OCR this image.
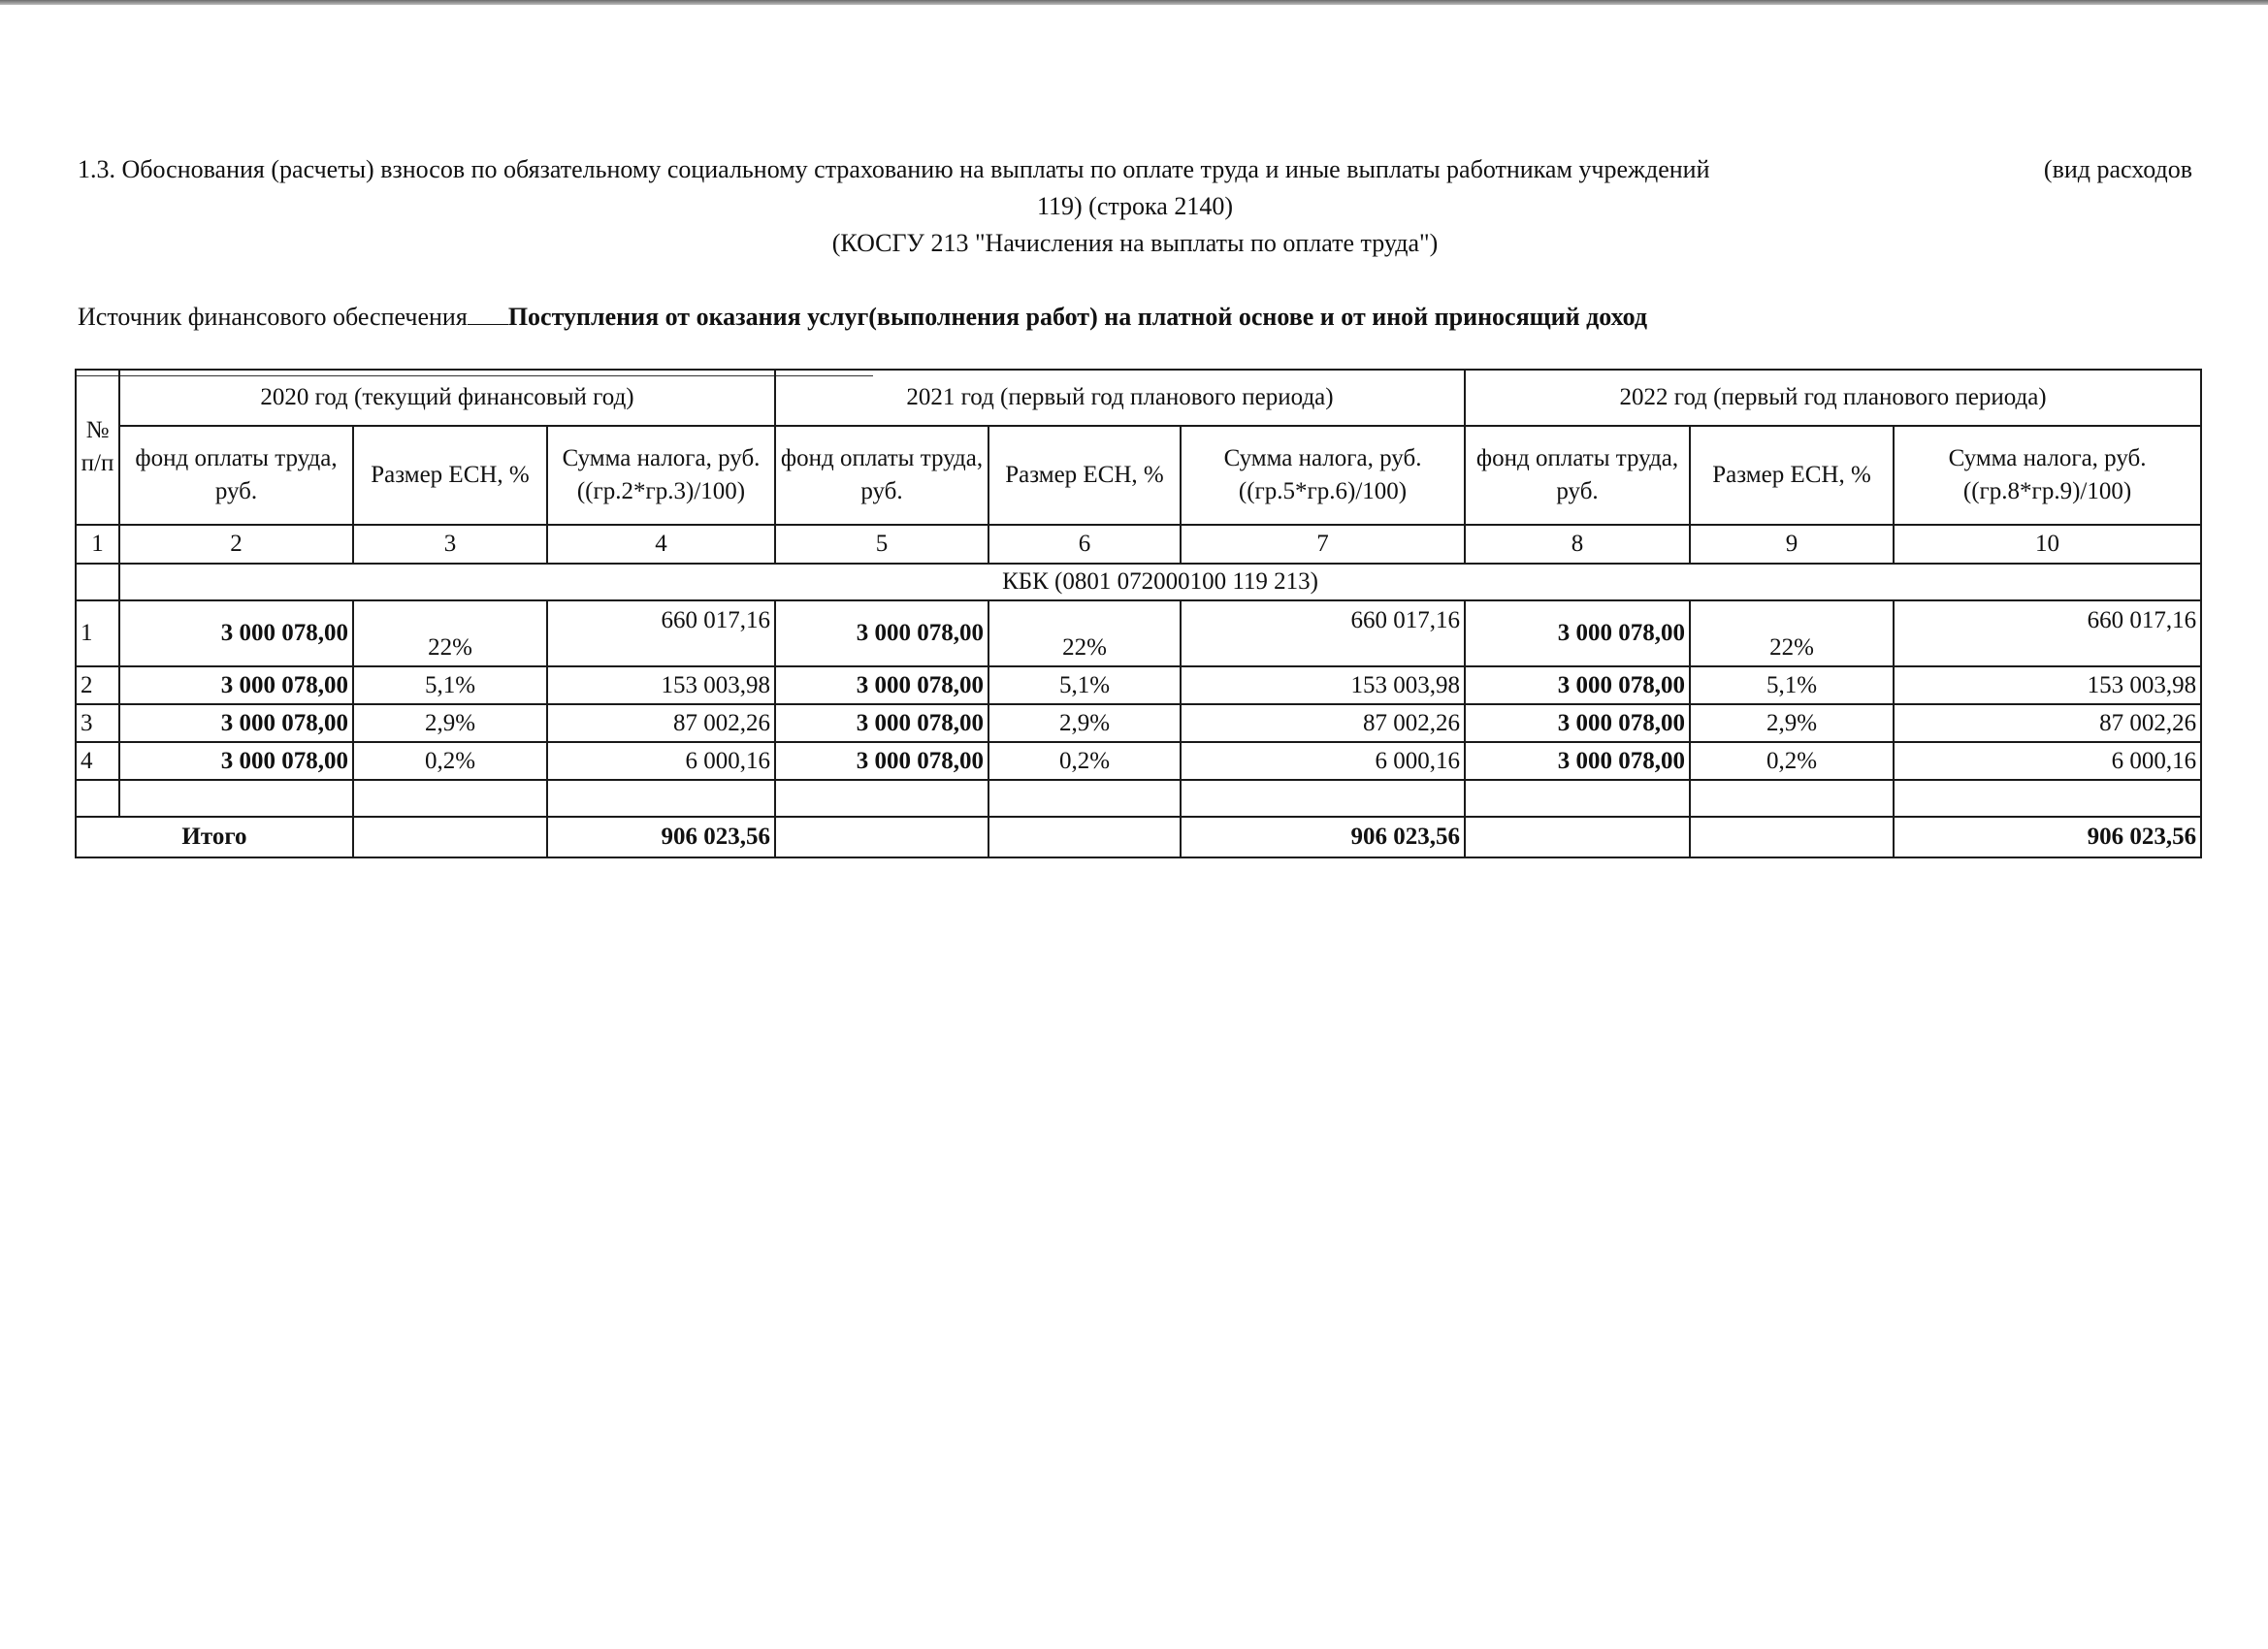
1.3. Обоснования (расчеты) взносов по обязательному социальному страхованию на выплаты по оплате труда и иные выплаты работникам учреждений	(вид расходов
119) (строка 2140)
(КОСГУ 213 "Начисления на выплаты по оплате труда")
Источник финансового обеспечения Поступления от оказания услуг(выполнения работ) на платной основе и от иной приносящий доход
№ п/п	2020 год (текущий финансовый год)			2021 год (первый год планового периода)			2022 год (первый год планового периода)		
	фонд оплаты труда, руб.	Размер ЕСН, %	Сумма налога, руб. ((гр.2*гр.3)/100)	фонд оплаты труда, руб.	Размер ЕСН, %	Сумма налога, руб. ((гр.5*гр.6)/100)	фонд оплаты труда, руб.	Размер ЕСН, %	Сумма налога, руб. ((гр.8*гр.9)/100)
1	2	3	4	5	6	7	8	9	10
	КБК (0801 072000100 119 213)								
1	3 000 078,00	22%	660 017,16	3 000 078,00	22%	660 017,16	3 000 078,00	22%	660 017,16
2	3 000 078,00	5,1%	153 003,98	3 000 078,00	5,1%	153 003,98	3 000 078,00	5,1%	153 003,98
3	3 000 078,00	2,9%	87 002,26	3 000 078,00	2,9%	87 002,26	3 000 078,00	2,9%	87 002,26
4	3 000 078,00	0,2%	6 000,16	3 000 078,00	0,2%	6 000,16	3 000 078,00	0,2%	6 000,16

Итого			906 023,56			906 023,56			906 023,56
